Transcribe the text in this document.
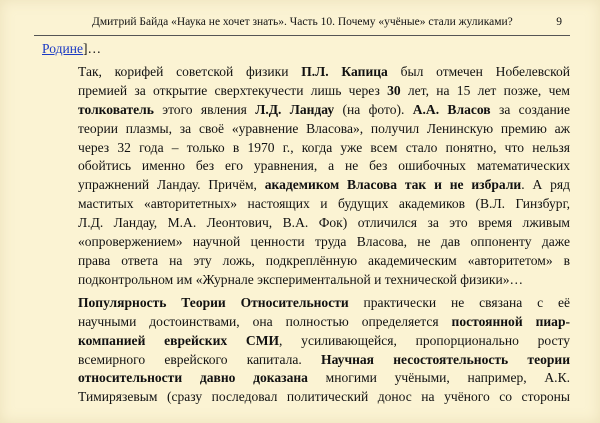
Дмитрий Байда «Наука не хочет знать». Часть 10. Почему «учёные» стали жуликами?	9

Родине]…

Так, корифей советской физики П.Л. Капица был отмечен Нобелевской
премией за открытие сверхтекучести лишь через 30 лет, на 15 лет позже, чем
толкователь этого явления Л.Д. Ландау (на фото). А.А. Власов за создание
теории плазмы, за своё «уравнение Власова», получил Ленинскую премию аж
через 32 года – только в 1970 г., когда уже всем стало понятно, что нельзя
обойтись именно без его уравнения, а не без ошибочных математических
упражнений Ландау. Причём, академиком Власова так и не избрали. А ряд
маститых «авторитетных» настоящих и будущих академиков (В.Л. Гинзбург,
Л.Д. Ландау, М.А. Леонтович, В.А. Фок) отличился за это время лживым
«опровержением» научной ценности труда Власова, не дав оппоненту даже
права ответа на эту ложь, подкреплённую академическим «авторитетом» в
подконтрольном им «Журнале экспериментальной и технической физики»…

Популярность Теории Относительности практически не связана с её
научными достоинствами, она полностью определяется постоянной пиар-
компанией еврейских СМИ, усиливающейся, пропорционально росту
всемирного еврейского капитала. Научная несостоятельность теории
относительности давно доказана многими учёными, например, А.К.
Тимирязевым (сразу последовал политический донос на учёного со стороны
